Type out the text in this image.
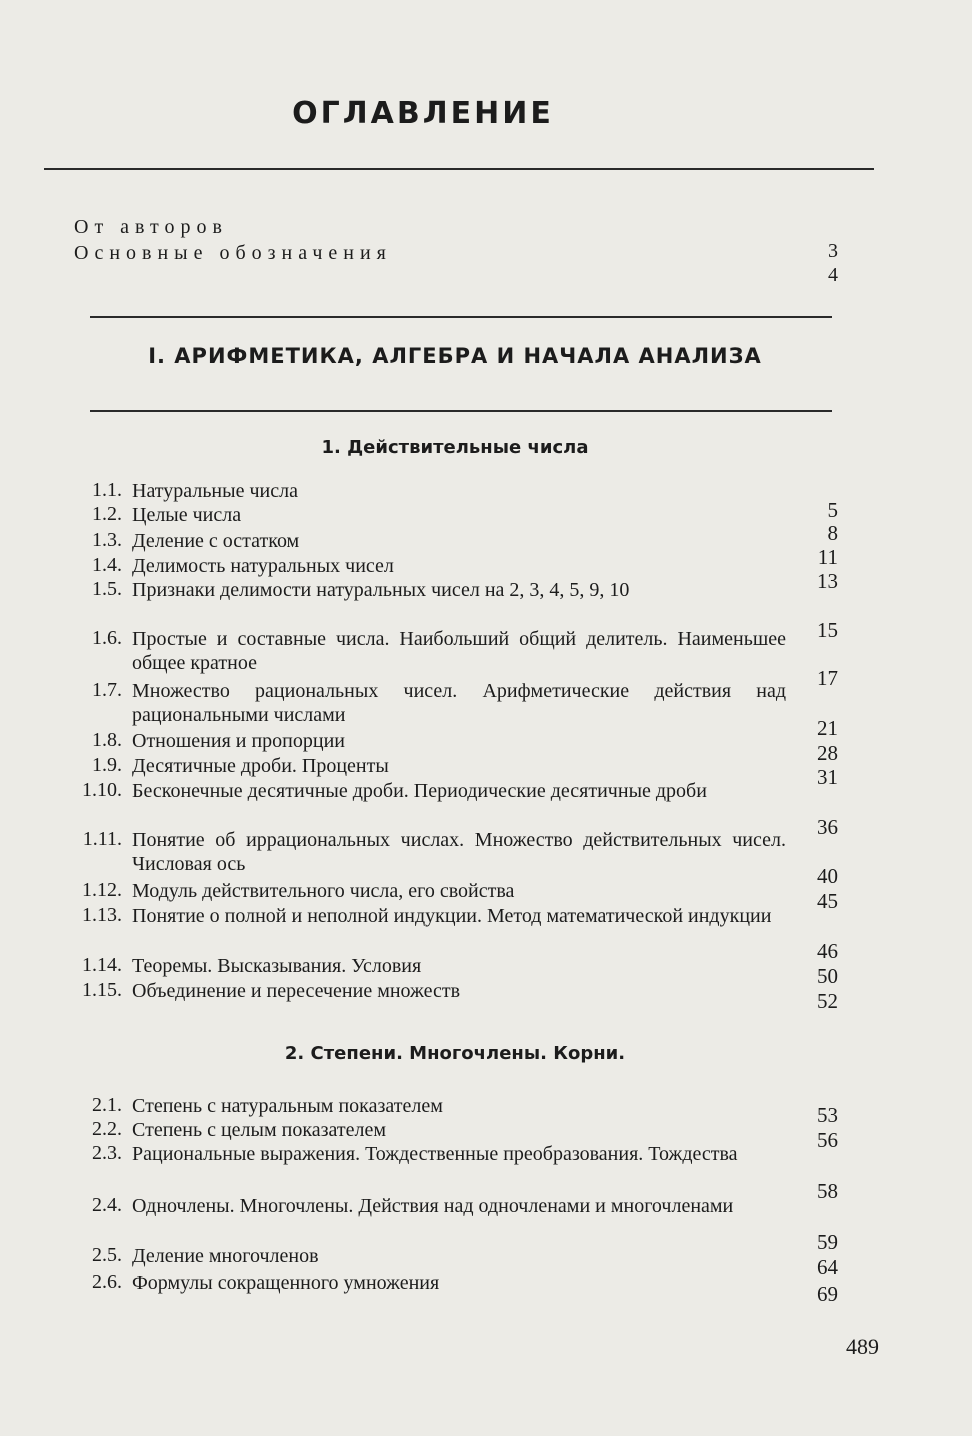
ОГЛАВЛЕНИЕ
От авторов
Основные обозначения	3
4
I. АРИФМЕТИКА, АЛГЕБРА И НАЧАЛА АНАЛИЗА
1. Действительные числа
1.1. Натуральные числа
1.2. Целые числа
1.3. Деление с остатком
1.4. Делимость натуральных чисел
1.5. Признаки делимости натуральных чисел на 2, 3, 4, 5, 9, 10
1.6. Простые и составные числа. Наибольший общий делитель. Наименьшее общее кратное
1.7. Множество рациональных чисел. Арифметические действия над рациональными числами
1.8. Отношения и пропорции
1.9. Десятичные дроби. Проценты
1.10. Бесконечные десятичные дроби. Периодические десятичные дроби
1.11. Понятие об иррациональных числах. Множество действительных чисел. Числовая ось
1.12. Модуль действительного числа, его свойства
1.13. Понятие о полной и неполной индукции. Метод математической индукции
1.14. Теоремы. Высказывания. Условия
1.15. Объединение и пересечение множеств
5
8
11
13
15
17
21
28
31
36
40
45
46
50
52
2. Степени. Многочлены. Корни.
2.1. Степень с натуральным показателем
2.2. Степень с целым показателем
2.3. Рациональные выражения. Тождественные преобразования. Тождества
2.4. Одночлены. Многочлены. Действия над одночленами и многочленами
2.5. Деление многочленов
2.6. Формулы сокращенного умножения
53
56
58
59
64
69
489
